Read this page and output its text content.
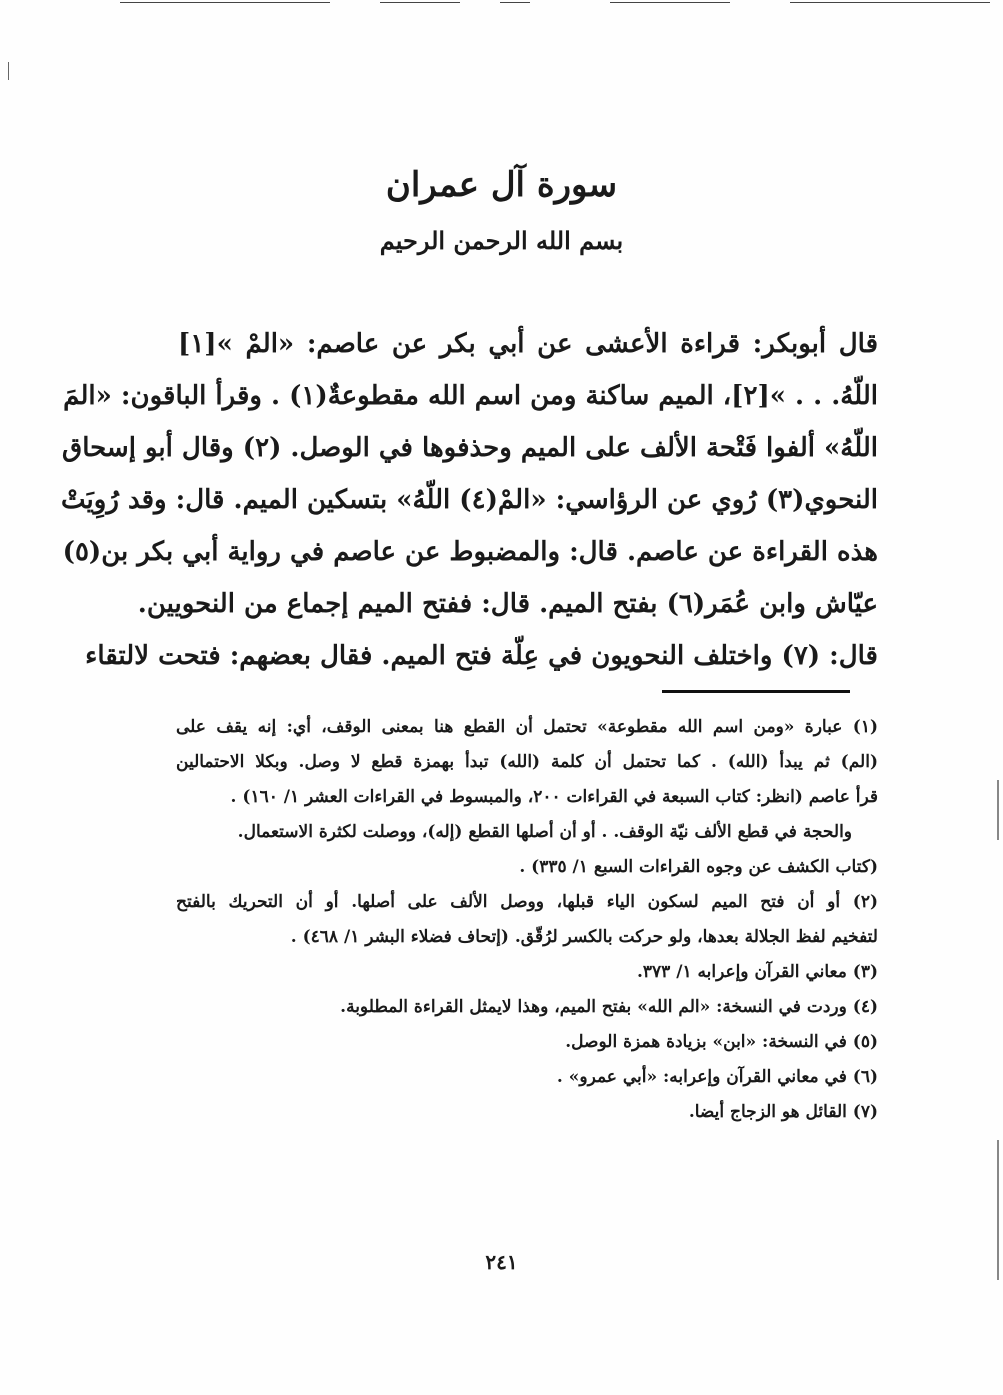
سورة آل عمران
بسم الله الرحمن الرحيم
قال أبوبكر: قراءة الأعشى عن أبي بكر عن عاصم: «المْ »[١]
اللّهُ. . . »[٢]، الميم ساكنة ومن اسم الله مقطوعةٌ(١) . وقرأ الباقون: «المَ
اللّهُ» ألفوا فَتْحة الألف على الميم وحذفوها في الوصل. (٢) وقال أبو إسحاق
النحوي(٣) رُوي عن الرؤاسي: «المْ(٤) اللّهُ» بتسكين الميم. قال: وقد رُوِيَتْ
هذه القراءة عن عاصم. قال: والمضبوط عن عاصم في رواية أبي بكر بن(٥)
عيّاش وابن عُمَر(٦) بفتح الميم. قال: ففتح الميم إجماع من النحويين.
قال: (٧) واختلف النحويون في عِلّة فتح الميم. فقال بعضهم: فتحت لالتقاء
(١) عبارة «ومن اسم الله مقطوعة» تحتمل أن القطع هنا بمعنى الوقف، أي: إنه يقف على
(الم) ثم يبدأ (الله) . كما تحتمل أن كلمة (الله) تبدأ بهمزة قطع لا وصل. وبكلا الاحتمالين
قرأ عاصم (انظر: كتاب السبعة في القراءات ٢٠٠، والمبسوط في القراءات العشر ١/ ١٦٠) .
والحجة في قطع الألف نيّة الوقف. . أو أن أصلها القطع (إله)، ووصلت لكثرة الاستعمال.
(كتاب الكشف عن وجوه القراءات السبع ١/ ٣٣٥) .
(٢) أو أن فتح الميم لسكون الياء قبلها، ووصل الألف على أصلها. أو أن التحريك بالفتح
لتفخيم لفظ الجلالة بعدها، ولو حركت بالكسر لرُقّق. (إتحاف فضلاء البشر ١/ ٤٦٨) .
(٣) معاني القرآن وإعرابه ١/ ٣٧٣.
(٤) وردت في النسخة: «الم الله» بفتح الميم، وهذا لايمثل القراءة المطلوبة.
(٥) في النسخة: «ابن» بزيادة همزة الوصل.
(٦) في معاني القرآن وإعرابه: «أبي عمرو» .
(٧) القائل هو الزجاج أيضا.
٢٤١
